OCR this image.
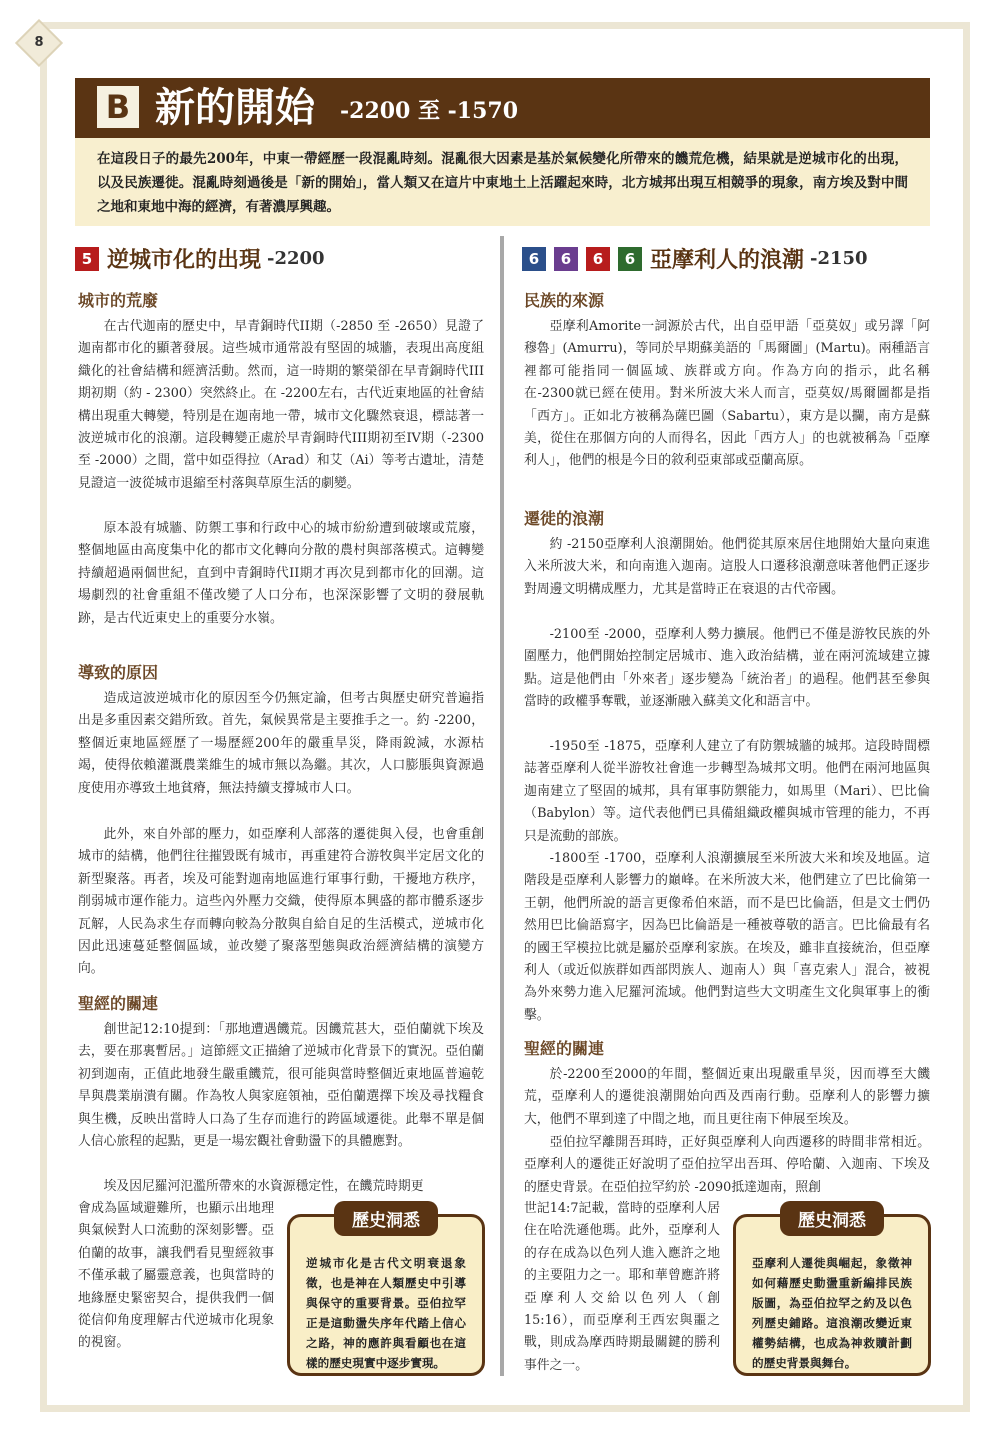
8
B 新的開始 -2200 至 -1570
在這段日子的最先200年，中東一帶經歷一段混亂時刻。混亂很大因素是基於氣候變化所帶來的饑荒危機，結果就是逆城市化的出現，以及民族遷徙。混亂時刻過後是「新的開始」，當人類又在這片中東地土上活躍起來時，北方城邦出現互相競爭的現象，南方埃及對中間之地和東地中海的經濟，有著濃厚興趣。
5 逆城市化的出現 -2200
城市的荒廢
在古代迦南的歷史中，早青銅時代II期（-2850 至 -2650）見證了迦南都市化的顯著發展。這些城市通常設有堅固的城牆，表現出高度組織化的社會結構和經濟活動。然而，這一時期的繁榮卻在早青銅時代III期初期（約 - 2300）突然終止。在 -2200左右，古代近東地區的社會結構出現重大轉變，特別是在迦南地一帶，城市文化驟然衰退，標誌著一波逆城市化的浪潮。這段轉變正處於早青銅時代III期初至IV期（-2300至 -2000）之間，當中如亞得拉（Arad）和艾（Ai）等考古遺址，清楚見證這一波從城市退縮至村落與草原生活的劇變。
原本設有城牆、防禦工事和行政中心的城市紛紛遭到破壞或荒廢，整個地區由高度集中化的都市文化轉向分散的農村與部落模式。這轉變持續超過兩個世紀，直到中青銅時代II期才再次見到都市化的回潮。這場劇烈的社會重組不僅改變了人口分布，也深深影響了文明的發展軌跡，是古代近東史上的重要分水嶺。
導致的原因
造成這波逆城市化的原因至今仍無定論，但考古與歷史研究普遍指出是多重因素交錯所致。首先，氣候異常是主要推手之一。約 -2200，整個近東地區經歷了一場歷經200年的嚴重旱災，降雨銳減，水源枯竭，使得依賴灌溉農業維生的城市無以為繼。其次，人口膨脹與資源過度使用亦導致土地貧瘠，無法持續支撐城市人口。
此外，來自外部的壓力，如亞摩利人部落的遷徙與入侵，也會重創城市的結構，他們往往摧毀既有城市，再重建符合游牧與半定居文化的新型聚落。再者，埃及可能對迦南地區進行軍事行動，干擾地方秩序，削弱城市運作能力。這些內外壓力交織，使得原本興盛的都市體系逐步瓦解，人民為求生存而轉向較為分散與自給自足的生活模式，逆城市化因此迅速蔓延整個區域，並改變了聚落型態與政治經濟結構的演變方向。
聖經的關連
創世記12:10提到：「那地遭遇饑荒。因饑荒甚大，亞伯蘭就下埃及去，要在那裏暫居。」這節經文正描繪了逆城市化背景下的實況。亞伯蘭初到迦南，正值此地發生嚴重饑荒，很可能與當時整個近東地區普遍乾旱與農業崩潰有關。作為牧人與家庭領袖，亞伯蘭選擇下埃及尋找糧食與生機，反映出當時人口為了生存而進行的跨區域遷徙。此舉不單是個人信心旅程的起點，更是一場宏觀社會動盪下的具體應對。
埃及因尼羅河氾濫所帶來的水資源穩定性，在饑荒時期更
會成為區域避難所，也顯示出地理與氣候對人口流動的深刻影響。亞伯蘭的故事，讓我們看見聖經敘事不僅承載了屬靈意義，也與當時的地緣歷史緊密契合，提供我們一個從信仰角度理解古代逆城市化現象的視窗。
歷史洞悉
逆城市化是古代文明衰退象徵，也是神在人類歷史中引導與保守的重要背景。亞伯拉罕正是這動盪失序年代踏上信心之路，神的應許與看顧也在這樣的歷史現實中逐步實現。
6	6	6	6 亞摩利人的浪潮 -2150
民族的來源
亞摩利Amorite一詞源於古代，出自亞甲語「亞莫奴」或另譯「阿穆魯」(Amurru)，等同於早期蘇美語的「馬爾圖」(Martu)。兩種語言裡都可能指同一個區域、族群或方向。作為方向的指示，此名稱在-2300就已經在使用。對米所波大米人而言，亞莫奴/馬爾圖都是指「西方」。正如北方被稱為薩巴圖（Sabartu），東方是以攔，南方是蘇美，從住在那個方向的人而得名，因此「西方人」的也就被稱為「亞摩利人」，他們的根是今日的敘利亞東部或亞蘭高原。
遷徙的浪潮
約 -2150亞摩利人浪潮開始。他們從其原來居住地開始大量向東進入米所波大米，和向南進入迦南。這股人口遷移浪潮意味著他們正逐步對周邊文明構成壓力，尤其是當時正在衰退的古代帝國。
-2100至 -2000，亞摩利人勢力擴展。他們已不僅是游牧民族的外圍壓力，他們開始控制定居城市、進入政治結構，並在兩河流域建立據點。這是他們由「外來者」逐步變為「統治者」的過程。他們甚至參與當時的政權爭奪戰，並逐漸融入蘇美文化和語言中。
-1950至 -1875，亞摩利人建立了有防禦城牆的城邦。這段時間標誌著亞摩利人從半游牧社會進一步轉型為城邦文明。他們在兩河地區與迦南建立了堅固的城邦，具有軍事防禦能力，如馬里（Mari）、巴比倫（Babylon）等。這代表他們已具備組織政權與城市管理的能力，不再只是流動的部族。
-1800至 -1700，亞摩利人浪潮擴展至米所波大米和埃及地區。這階段是亞摩利人影響力的巔峰。在米所波大米，他們建立了巴比倫第一王朝，他們所說的語言更像希伯來語，而不是巴比倫語，但是文士們仍然用巴比倫語寫字，因為巴比倫語是一種被尊敬的語言。巴比倫最有名的國王罕模拉比就是屬於亞摩利家族。在埃及，雖非直接統治，但亞摩利人（或近似族群如西部閃族人、迦南人）與「喜克索人」混合，被視為外來勢力進入尼羅河流域。他們對這些大文明產生文化與軍事上的衝擊。
聖經的關連
於-2200至2000的年間，整個近東出現嚴重旱災，因而導至大饑荒，亞摩利人的遷徙浪潮開始向西及西南行動。亞摩利人的影響力擴大，他們不單到達了中間之地，而且更往南下伸展至埃及。
亞伯拉罕離開吾珥時，正好與亞摩利人向西遷移的時間非常相近。亞摩利人的遷徙正好說明了亞伯拉罕出吾珥、停哈蘭、入迦南、下埃及的歷史背景。在亞伯拉罕約於 -2090抵達迦南，照創
世記14:7記載，當時的亞摩利人居住在哈洗遜他瑪。此外，亞摩利人的存在成為以色列人進入應許之地的主要阻力之一。耶和華曾應許將亞摩利人交給以色列人（創15:16），而亞摩利王西宏與噩之戰，則成為摩西時期最關鍵的勝利事件之一。
歷史洞悉
亞摩利人遷徙與崛起，象徵神如何藉歷史動盪重新編排民族版圖，為亞伯拉罕之約及以色列歷史鋪路。這浪潮改變近東權勢結構，也成為神救贖計劃的歷史背景與舞台。
